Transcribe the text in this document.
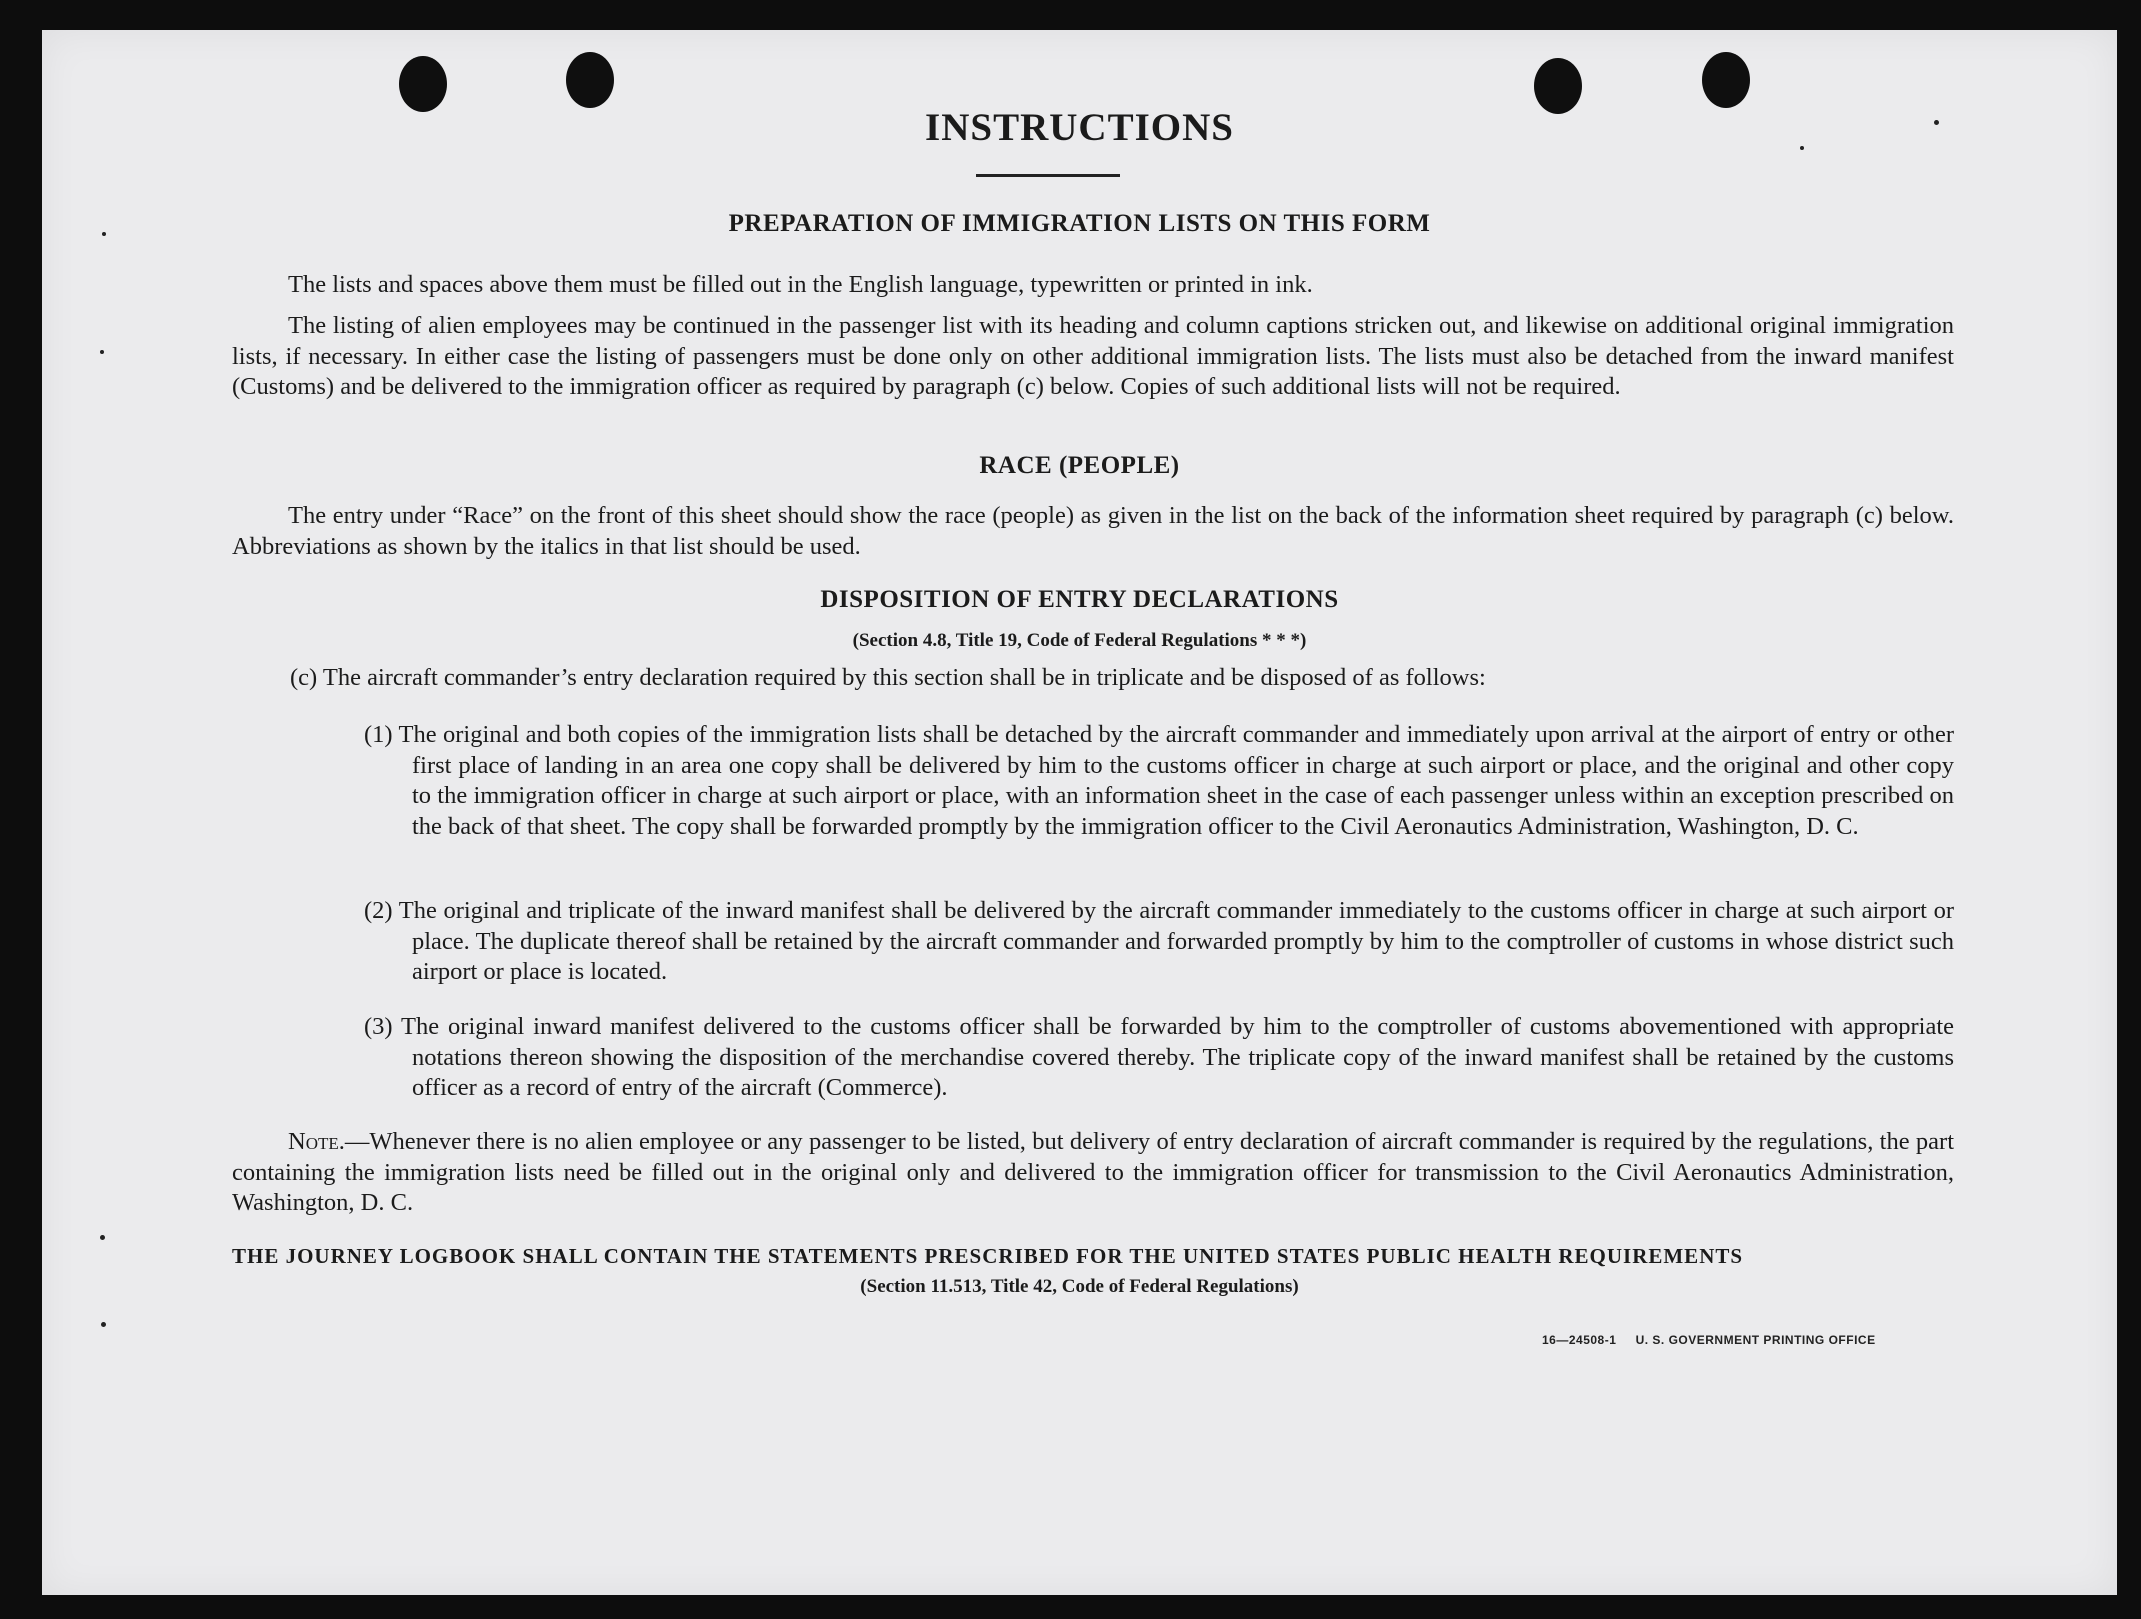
INSTRUCTIONS
PREPARATION OF IMMIGRATION LISTS ON THIS FORM
The lists and spaces above them must be filled out in the English language, typewritten or printed in ink.
The listing of alien employees may be continued in the passenger list with its heading and column captions stricken out, and likewise on additional original immigration lists, if necessary. In either case the listing of passengers must be done only on other additional immigration lists. The lists must also be detached from the inward manifest (Customs) and be delivered to the immigration officer as required by paragraph (c) below. Copies of such additional lists will not be required.
RACE (PEOPLE)
The entry under “Race” on the front of this sheet should show the race (people) as given in the list on the back of the information sheet required by paragraph (c) below. Abbreviations as shown by the italics in that list should be used.
DISPOSITION OF ENTRY DECLARATIONS
(Section 4.8, Title 19, Code of Federal Regulations * * *)
(c) The aircraft commander’s entry declaration required by this section shall be in triplicate and be disposed of as follows:
(1) The original and both copies of the immigration lists shall be detached by the aircraft commander and immediately upon arrival at the airport of entry or other first place of landing in an area one copy shall be delivered by him to the customs officer in charge at such airport or place, and the original and other copy to the immigration officer in charge at such airport or place, with an information sheet in the case of each passenger unless within an exception prescribed on the back of that sheet. The copy shall be forwarded promptly by the immigration officer to the Civil Aeronautics Administration, Washington, D. C.
(2) The original and triplicate of the inward manifest shall be delivered by the aircraft commander immediately to the customs officer in charge at such airport or place. The duplicate thereof shall be retained by the aircraft commander and forwarded promptly by him to the comptroller of customs in whose district such airport or place is located.
(3) The original inward manifest delivered to the customs officer shall be forwarded by him to the comptroller of customs abovementioned with appropriate notations thereon showing the disposition of the merchandise covered thereby. The triplicate copy of the inward manifest shall be retained by the customs officer as a record of entry of the aircraft (Commerce).
Note.—Whenever there is no alien employee or any passenger to be listed, but delivery of entry declaration of aircraft commander is required by the regulations, the part containing the immigration lists need be filled out in the original only and delivered to the immigration officer for transmission to the Civil Aeronautics Administration, Washington, D. C.
THE JOURNEY LOGBOOK SHALL CONTAIN THE STATEMENTS PRESCRIBED FOR THE UNITED STATES PUBLIC HEALTH REQUIREMENTS
(Section 11.513, Title 42, Code of Federal Regulations)
16—24508-1 U. S. GOVERNMENT PRINTING OFFICE
